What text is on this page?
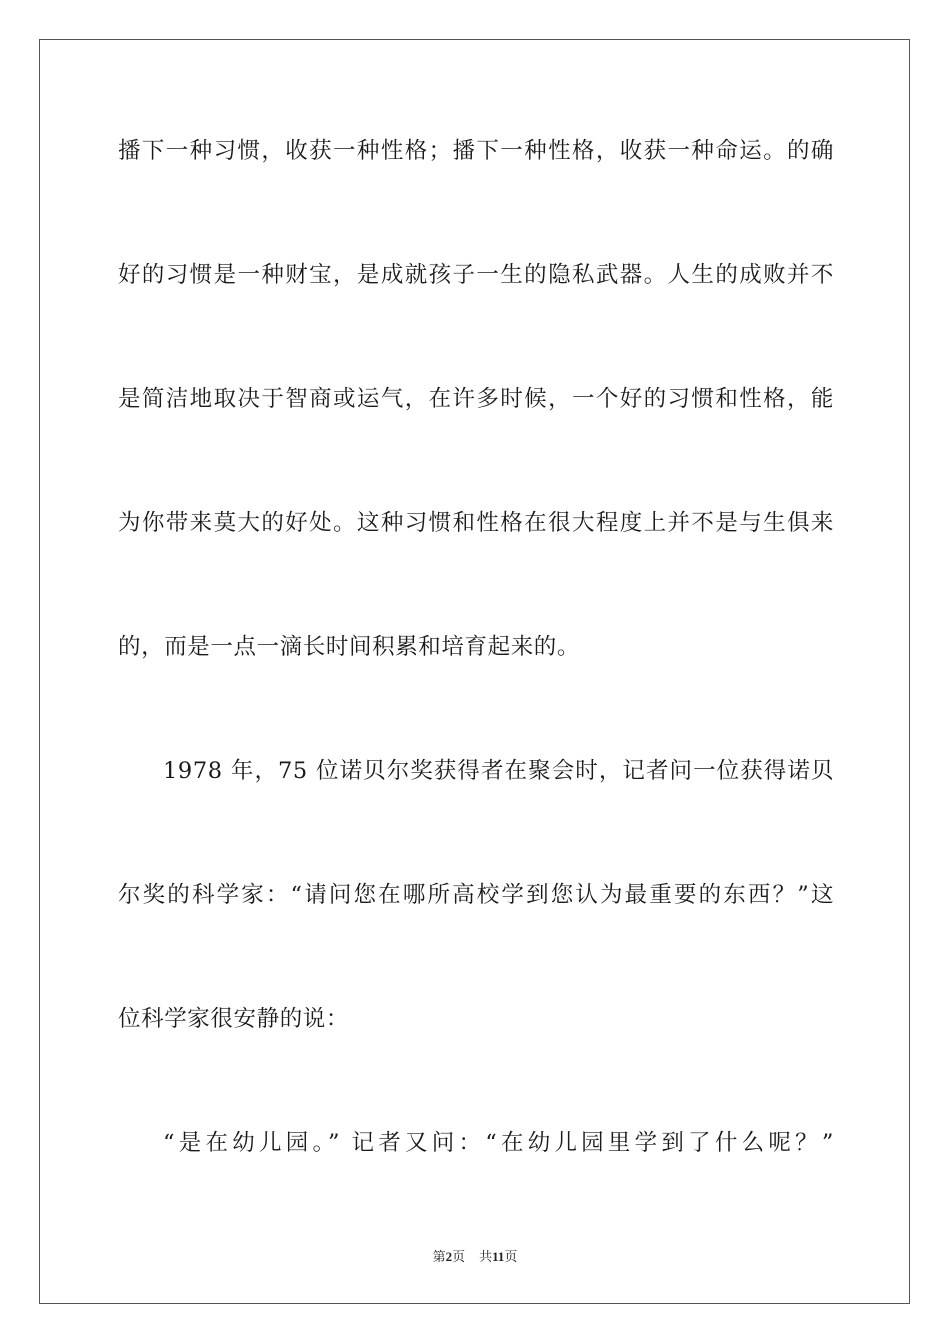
播下一种习惯，收获一种性格；播下一种性格，收获一种命运。的确
好的习惯是一种财宝，是成就孩子一生的隐私武器。人生的成败并不
是简洁地取决于智商或运气，在许多时候，一个好的习惯和性格，能
为你带来莫大的好处。这种习惯和性格在很大程度上并不是与生俱来
的，而是一点一滴长时间积累和培育起来的。
1978 年，75 位诺贝尔奖获得者在聚会时，记者问一位获得诺贝
尔奖的科学家：“请问您在哪所高校学到您认为最重要的东西？”这
位科学家很安静的说：
“是在幼儿园。” 记者又问：“在幼儿园里学到了什么呢？”
第2页 共11页
